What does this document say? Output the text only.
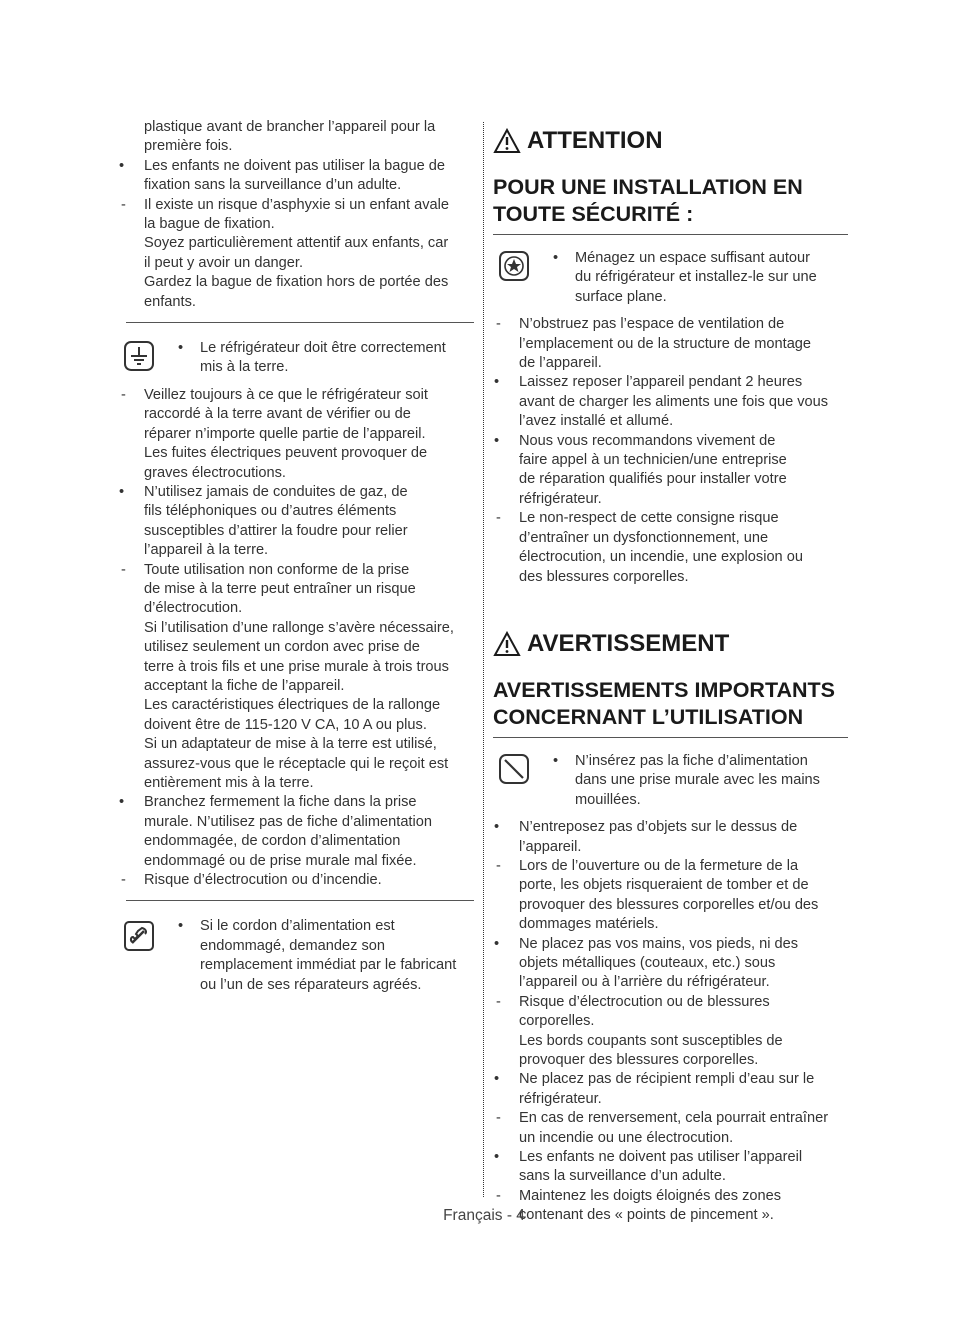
plastique avant de brancher l’appareil pour la
première fois.
•	Les enfants ne doivent pas utiliser la bague de
fixation sans la surveillance d’un adulte.
-	Il existe un risque d’asphyxie si un enfant avale
la bague de fixation.
Soyez particulièrement attentif aux enfants, car
il peut y avoir un danger.
Gardez la bague de fixation hors de portée des
enfants.
•	Le réfrigérateur doit être correctement
mis à la terre.
-	Veillez toujours à ce que le réfrigérateur soit
raccordé à la terre avant de vérifier ou de
réparer n’importe quelle partie de l’appareil.
Les fuites électriques peuvent provoquer de
graves électrocutions.
•	N’utilisez jamais de conduites de gaz, de
fils téléphoniques ou d’autres éléments
susceptibles d’attirer la foudre pour relier
l’appareil à la terre.
-	Toute utilisation non conforme de la prise
de mise à la terre peut entraîner un risque
d’électrocution.
Si l’utilisation d’une rallonge s’avère nécessaire,
utilisez seulement un cordon avec prise de
terre à trois fils et une prise murale à trois trous
acceptant la fiche de l’appareil.
Les caractéristiques électriques de la rallonge
doivent être de 115-120 V CA, 10 A ou plus.
Si un adaptateur de mise à la terre est utilisé,
assurez-vous que le réceptacle qui le reçoit est
entièrement mis à la terre.
•	Branchez fermement la fiche dans la prise
murale. N’utilisez pas de fiche d’alimentation
endommagée, de cordon d’alimentation
endommagé ou de prise murale mal fixée.
-	Risque d’électrocution ou d’incendie.
•	Si le cordon d’alimentation est
endommagé, demandez son
remplacement immédiat par le fabricant
ou l’un de ses réparateurs agréés.
ATTENTION
POUR UNE INSTALLATION EN
TOUTE SÉCURITÉ :
•	Ménagez un espace suffisant autour
du réfrigérateur et installez-le sur une
surface plane.
-	N’obstruez pas l’espace de ventilation de
l’emplacement ou de la structure de montage
de l’appareil.
•	Laissez reposer l’appareil pendant 2 heures
avant de charger les aliments une fois que vous
l’avez installé et allumé.
•	Nous vous recommandons vivement de
faire appel à un technicien/une entreprise
de réparation qualifiés pour installer votre
réfrigérateur.
-	Le non-respect de cette consigne risque
d’entraîner un dysfonctionnement, une
électrocution, un incendie, une explosion ou
des blessures corporelles.
AVERTISSEMENT
AVERTISSEMENTS IMPORTANTS
CONCERNANT L’UTILISATION
•	N’insérez pas la fiche d’alimentation
dans une prise murale avec les mains
mouillées.
•	N’entreposez pas d’objets sur le dessus de
l’appareil.
-	Lors de l’ouverture ou de la fermeture de la
porte, les objets risqueraient de tomber et de
provoquer des blessures corporelles et/ou des
dommages matériels.
•	Ne placez pas vos mains, vos pieds, ni des
objets métalliques (couteaux, etc.) sous
l’appareil ou à l’arrière du réfrigérateur.
-	Risque d’électrocution ou de blessures
corporelles.
Les bords coupants sont susceptibles de
provoquer des blessures corporelles.
•	Ne placez pas de récipient rempli d’eau sur le
réfrigérateur.
-	En cas de renversement, cela pourrait entraîner
un incendie ou une électrocution.
•	Les enfants ne doivent pas utiliser l’appareil
sans la surveillance d’un adulte.
-	Maintenez les doigts éloignés des zones
contenant des « points de pincement ».
Français - 4
